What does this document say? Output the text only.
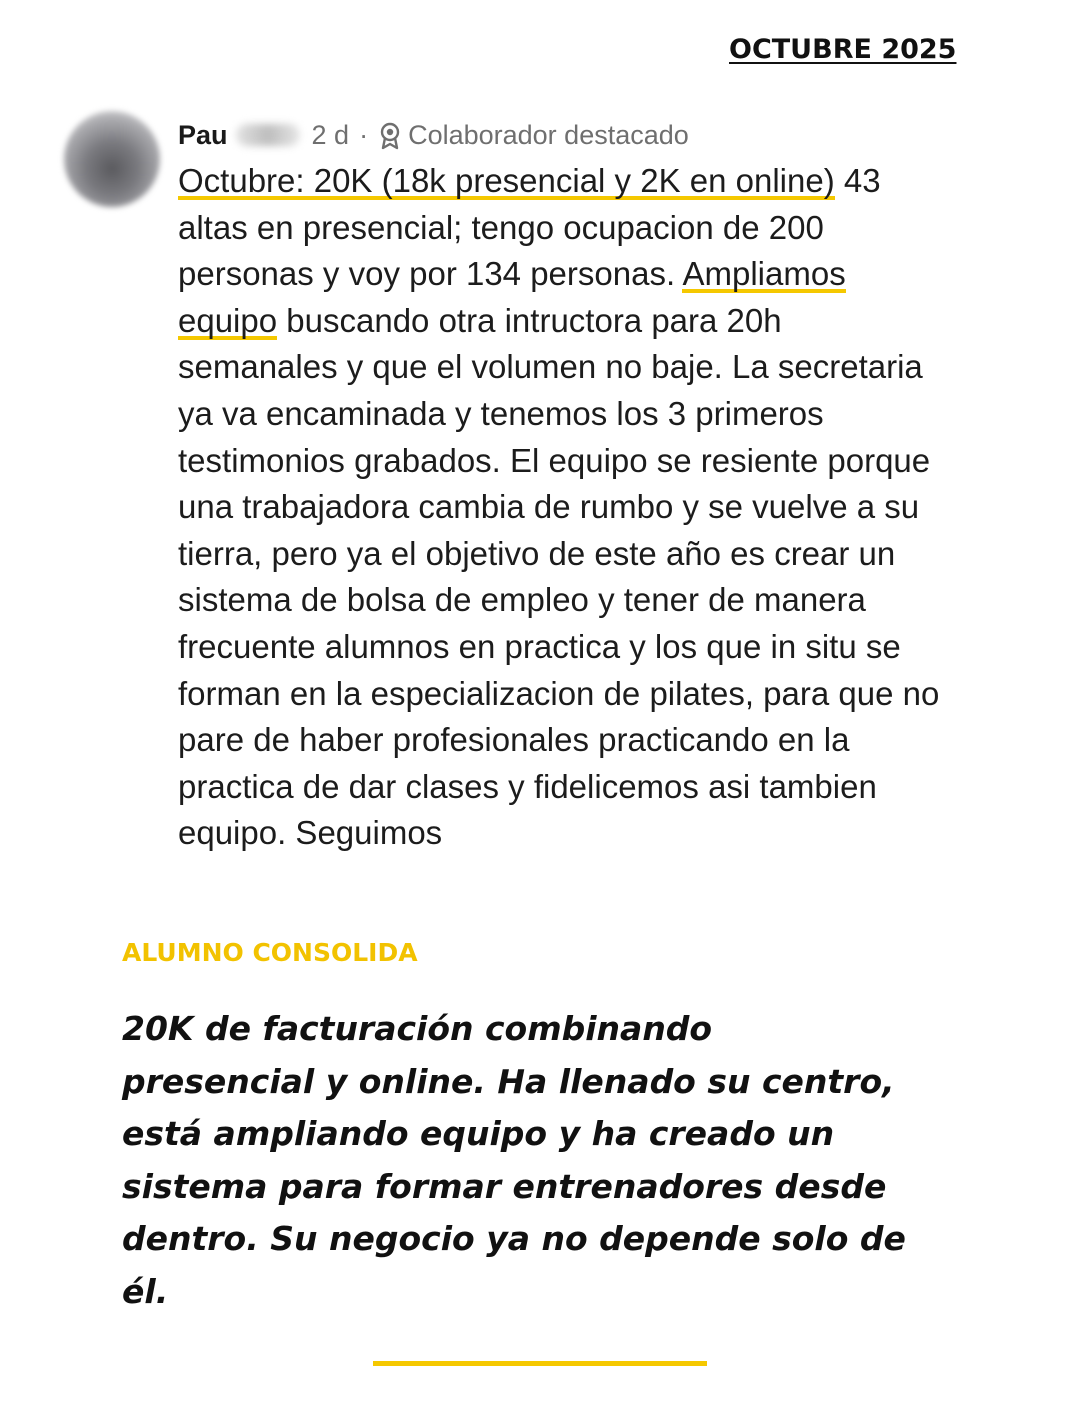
OCTUBRE 2025
Pau	2 d · Colaborador destacado
Octubre: 20K (18k presencial y 2K en online) 43
altas en presencial; tengo ocupacion de 200
personas y voy por 134 personas. Ampliamos
equipo buscando otra intructora para 20h
semanales y que el volumen no baje. La secretaria
ya va encaminada y tenemos los 3 primeros
testimonios grabados. El equipo se resiente porque
una trabajadora cambia de rumbo y se vuelve a su
tierra, pero ya el objetivo de este año es crear un
sistema de bolsa de empleo y tener de manera
frecuente alumnos en practica y los que in situ se
forman en la especializacion de pilates, para que no
pare de haber profesionales practicando en la
practica de dar clases y fidelicemos asi tambien
equipo. Seguimos
ALUMNO CONSOLIDA
20K de facturación combinando
presencial y online. Ha llenado su centro,
está ampliando equipo y ha creado un
sistema para formar entrenadores desde
dentro. Su negocio ya no depende solo de
él.
